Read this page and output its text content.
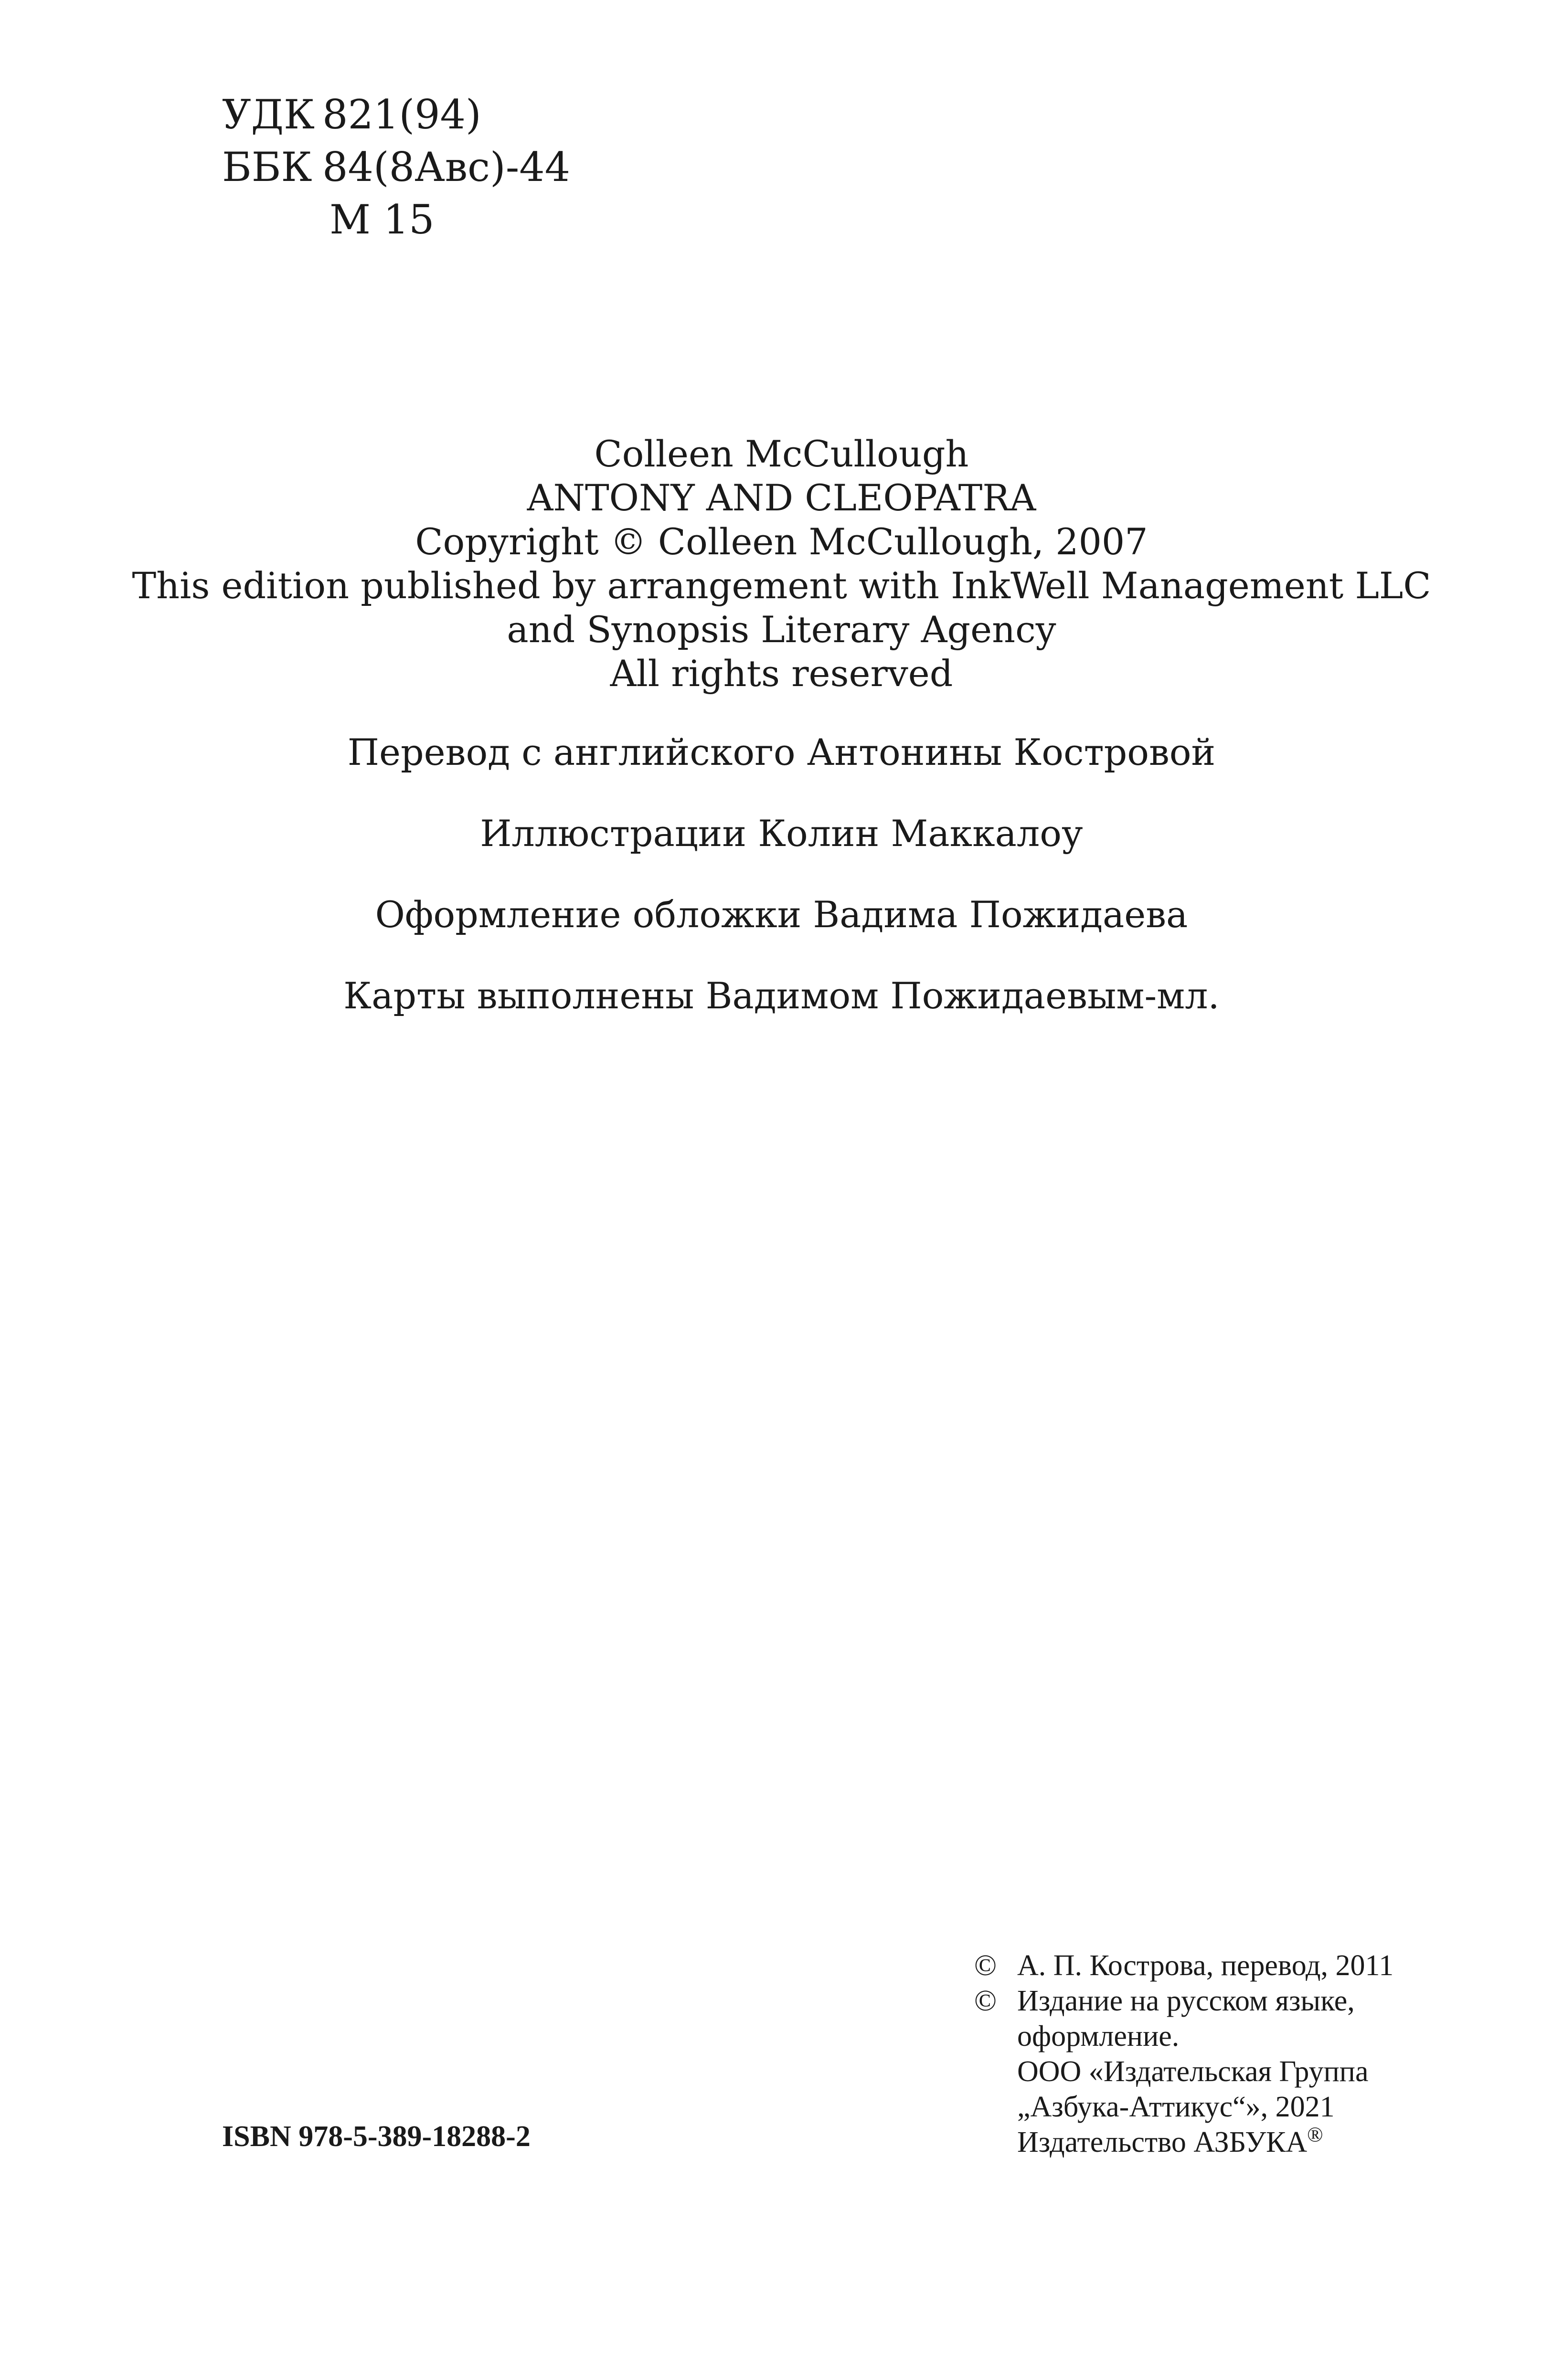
УДК 821(94)
ББК 84(8Авс)-44
М 15
Colleen McCullough
ANTONY AND CLEOPATRA
Copyright © Colleen McCullough, 2007
This edition published by arrangement with InkWell Management LLC
and Synopsis Literary Agency
All rights reserved
Перевод с английского Антонины Костровой
Иллюстрации Колин Маккалоу
Оформление обложки Вадима Пожидаева
Карты выполнены Вадимом Пожидаевым-мл.
ISBN 978-5-389-18288-2
© А. П. Кострова, перевод, 2011
© Издание на русском языке,
оформление.
ООО «Издательская Группа
„Азбука-Аттикус“», 2021
Издательство АЗБУКА®
